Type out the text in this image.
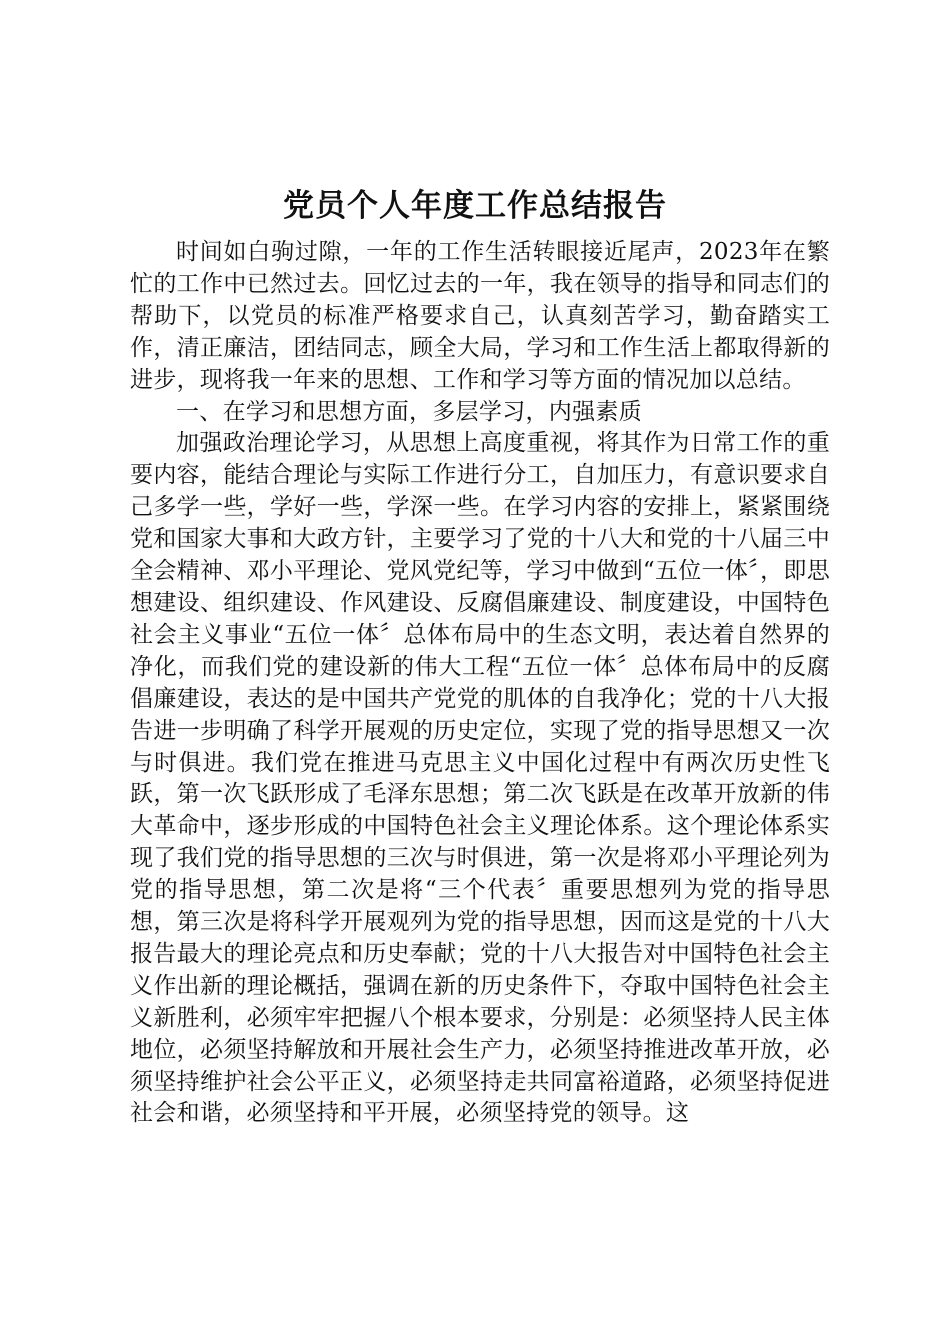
党员个人年度工作总结报告

时间如白驹过隙，一年的工作生活转眼接近尾声，2023年在繁忙的工作中已然过去。回忆过去的一年，我在领导的指导和同志们的帮助下，以党员的标准严格要求自己，认真刻苦学习，勤奋踏实工作，清正廉洁，团结同志，顾全大局，学习和工作生活上都取得新的进步，现将我一年来的思想、工作和学习等方面的情况加以总结。

一、在学习和思想方面，多层学习，内强素质

加强政治理论学习，从思想上高度重视，将其作为日常工作的重要内容，能结合理论与实际工作进行分工，自加压力，有意识要求自己多学一些，学好一些，学深一些。在学习内容的安排上，紧紧围绕党和国家大事和大政方针，主要学习了党的十八大和党的十八届三中全会精神、邓小平理论、党风党纪等，学习中做到“五位一体〞，即思想建设、组织建设、作风建设、反腐倡廉建设、制度建设，中国特色社会主义事业“五位一体〞总体布局中的生态文明，表达着自然界的净化，而我们党的建设新的伟大工程“五位一体〞总体布局中的反腐倡廉建设，表达的是中国共产党党的肌体的自我净化；党的十八大报告进一步明确了科学开展观的历史定位，实现了党的指导思想又一次与时俱进。我们党在推进马克思主义中国化过程中有两次历史性飞跃，第一次飞跃形成了毛泽东思想；第二次飞跃是在改革开放新的伟大革命中，逐步形成的中国特色社会主义理论体系。这个理论体系实现了我们党的指导思想的三次与时俱进，第一次是将邓小平理论列为党的指导思想，第二次是将“三个代表〞重要思想列为党的指导思想，第三次是将科学开展观列为党的指导思想，因而这是党的十八大报告最大的理论亮点和历史奉献；党的十八大报告对中国特色社会主义作出新的理论概括，强调在新的历史条件下，夺取中国特色社会主义新胜利，必须牢牢把握八个根本要求，分别是：必须坚持人民主体地位，必须坚持解放和开展社会生产力，必须坚持推进改革开放，必须坚持维护社会公平正义，必须坚持走共同富裕道路，必须坚持促进社会和谐，必须坚持和平开展，必须坚持党的领导。这
